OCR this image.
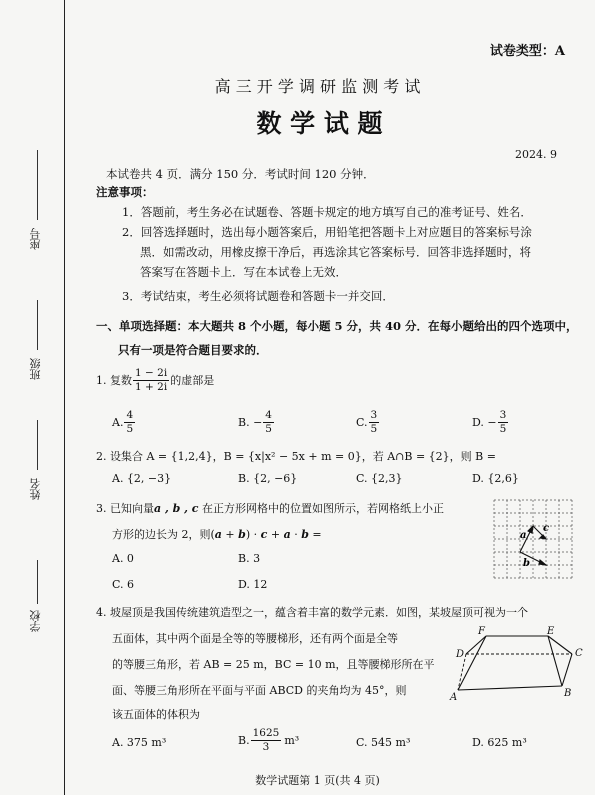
座号
班级
姓名
学校
试卷类型：A
高 三 开 学 调 研 监 测 考 试
数 学 试 题
2024. 9
本试卷共 4 页．满分 150 分．考试时间 120 分钟．
注意事项：
1．答题前，考生务必在试题卷、答题卡规定的地方填写自己的准考证号、姓名．
2．回答选择题时，选出每小题答案后，用铅笔把答题卡上对应题目的答案标号涂
黑．如需改动，用橡皮擦干净后，再选涂其它答案标号．回答非选择题时，将
答案写在答题卡上．写在本试卷上无效．
3．考试结束，考生必须将试题卷和答题卡一并交回．
一、单项选择题：本大题共 8 个小题，每小题 5 分，共 40 分．在每小题给出的四个选项中，
只有一项是符合题目要求的．
1. 复数 $\frac{1 - 2i}{1 + 2i}$ 的虚部是
A. $\frac{4}{5}$	B. − $\frac{4}{5}$	C. $\frac{3}{5}$	D. − $\frac{3}{5}$
2. 设集合 A = {1,2,4}，B = {x|x² − 5x + m = 0}，若 A∩B = {2}，则 B =
A. {2, −3}	B. {2, −6}	C. {2,3}	D. {2,6}
3. 已知向量a , b , c 在正方形网格中的位置如图所示，若网格纸上小正
方形的边长为 2，则(a + b) · c + a · b =
A. 0	B. 3
C. 6	D. 12
a
c
b
4. 坡屋顶是我国传统建筑造型之一，蕴含着丰富的数学元素．如图，某坡屋顶可视为一个
五面体，其中两个面是全等的等腰梯形，还有两个面是全等
的等腰三角形，若 AB = 25 m，BC = 10 m，且等腰梯形所在平
面、等腰三角形所在平面与平面 ABCD 的夹角均为 45°，则
该五面体的体积为
F	E
D	C
A	B
A. 375 m³	B. $\frac{1625}{3} m^3$	C. 545 m³	D. 625 m³
数学试题第 1 页(共 4 页)
